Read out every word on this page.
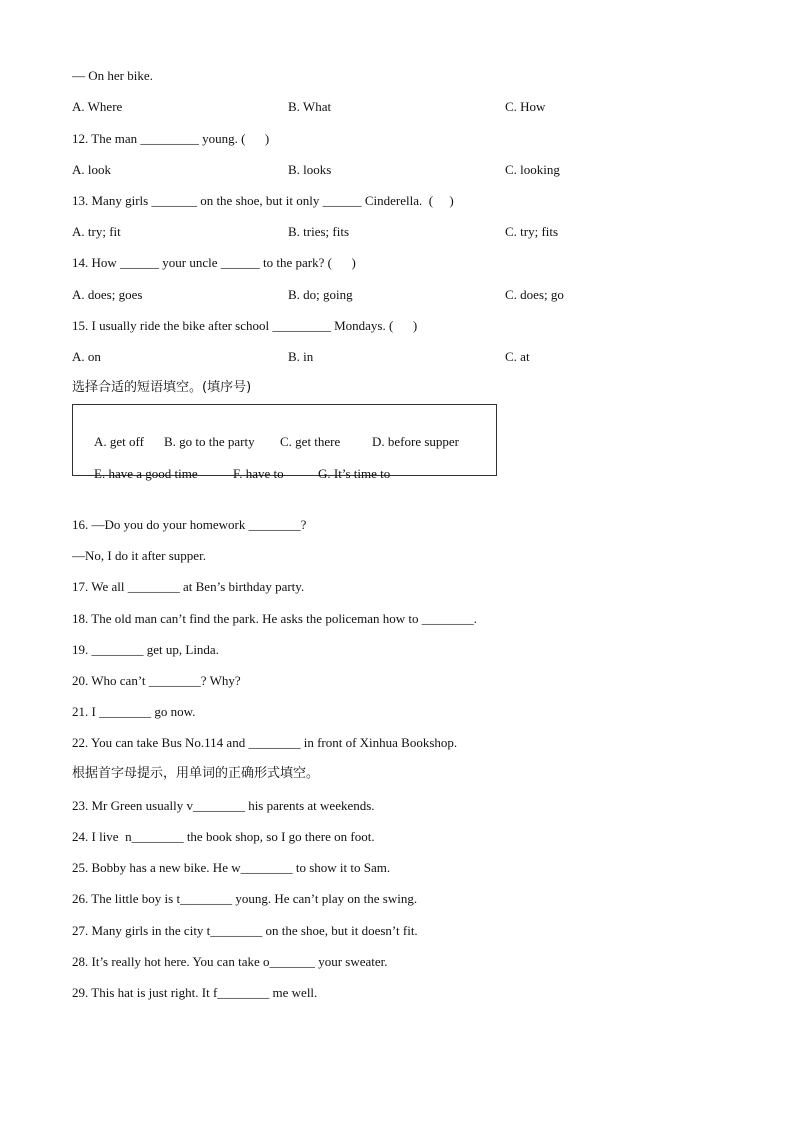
— On her bike.
A. Where	B. What	C. How
12. The man _________ young. (      )
A. look	B. looks	C. looking
13. Many girls _______ on the shoe, but it only ______ Cinderella.  (     )
A. try; fit	B. tries; fits	C. try; fits
14. How ______ your uncle ______ to the park? (      )
A. does; goes	B. do; going	C. does; go
15. I usually ride the bike after school _________ Mondays. (      )
A. on	B. in	C. at
选择合适的短语填空。(填序号)

A. get off B. go to the party C. get there D. before supper

E. have a good time	F. have to	G. It’s time to

16. —Do you do your homework ________?
—No, I do it after supper.
17. We all ________ at Ben’s birthday party.
18. The old man can’t find the park. He asks the policeman how to ________.
19. ________ get up, Linda.
20. Who can’t ________? Why?
21. I ________ go now.
22. You can take Bus No.114 and ________ in front of Xinhua Bookshop.
根据首字母提示，用单词的正确形式填空。
23. Mr Green usually v________ his parents at weekends.
24. I live  n________ the book shop, so I go there on foot.
25. Bobby has a new bike. He w________ to show it to Sam.
26. The little boy is t________ young. He can’t play on the swing.
27. Many girls in the city t________ on the shoe, but it doesn’t fit.
28. It’s really hot here. You can take o_______ your sweater.
29. This hat is just right. It f________ me well.
